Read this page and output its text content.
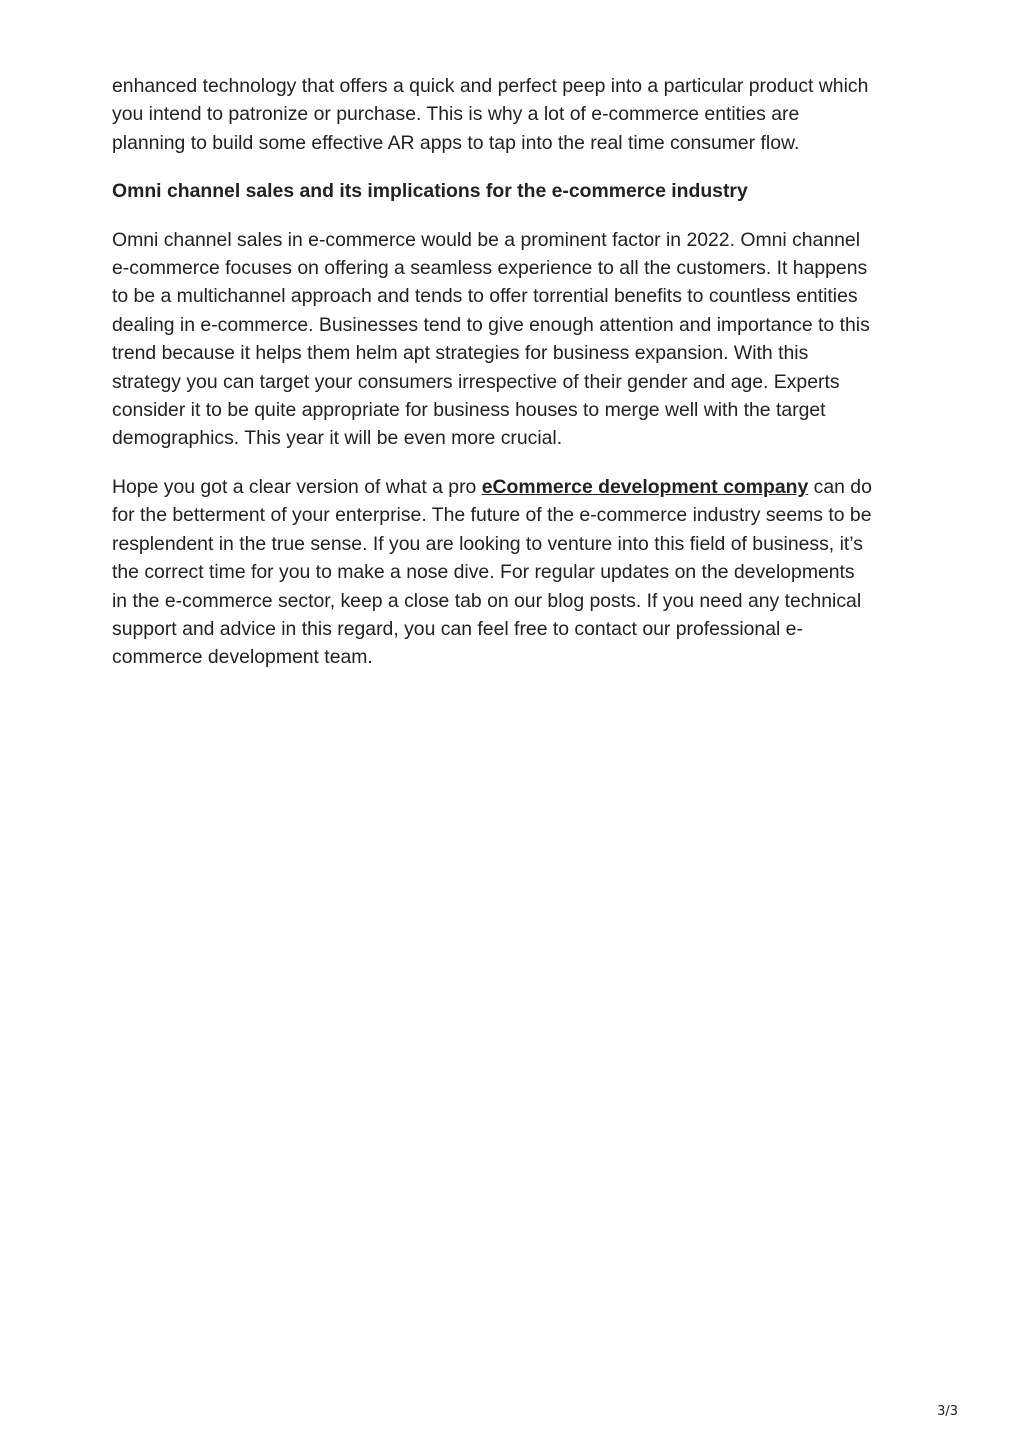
enhanced technology that offers a quick and perfect peep into a particular product which
you intend to patronize or purchase. This is why a lot of e-commerce entities are
planning to build some effective AR apps to tap into the real time consumer flow.

Omni channel sales and its implications for the e-commerce industry

Omni channel sales in e-commerce would be a prominent factor in 2022. Omni channel
e-commerce focuses on offering a seamless experience to all the customers. It happens
to be a multichannel approach and tends to offer torrential benefits to countless entities
dealing in e-commerce. Businesses tend to give enough attention and importance to this
trend because it helps them helm apt strategies for business expansion. With this
strategy you can target your consumers irrespective of their gender and age. Experts
consider it to be quite appropriate for business houses to merge well with the target
demographics. This year it will be even more crucial.

Hope you got a clear version of what a pro eCommerce development company can do
for the betterment of your enterprise. The future of the e-commerce industry seems to be
resplendent in the true sense. If you are looking to venture into this field of business, it’s
the correct time for you to make a nose dive. For regular updates on the developments
in the e-commerce sector, keep a close tab on our blog posts. If you need any technical
support and advice in this regard, you can feel free to contact our professional e-
commerce development team.

3/3
